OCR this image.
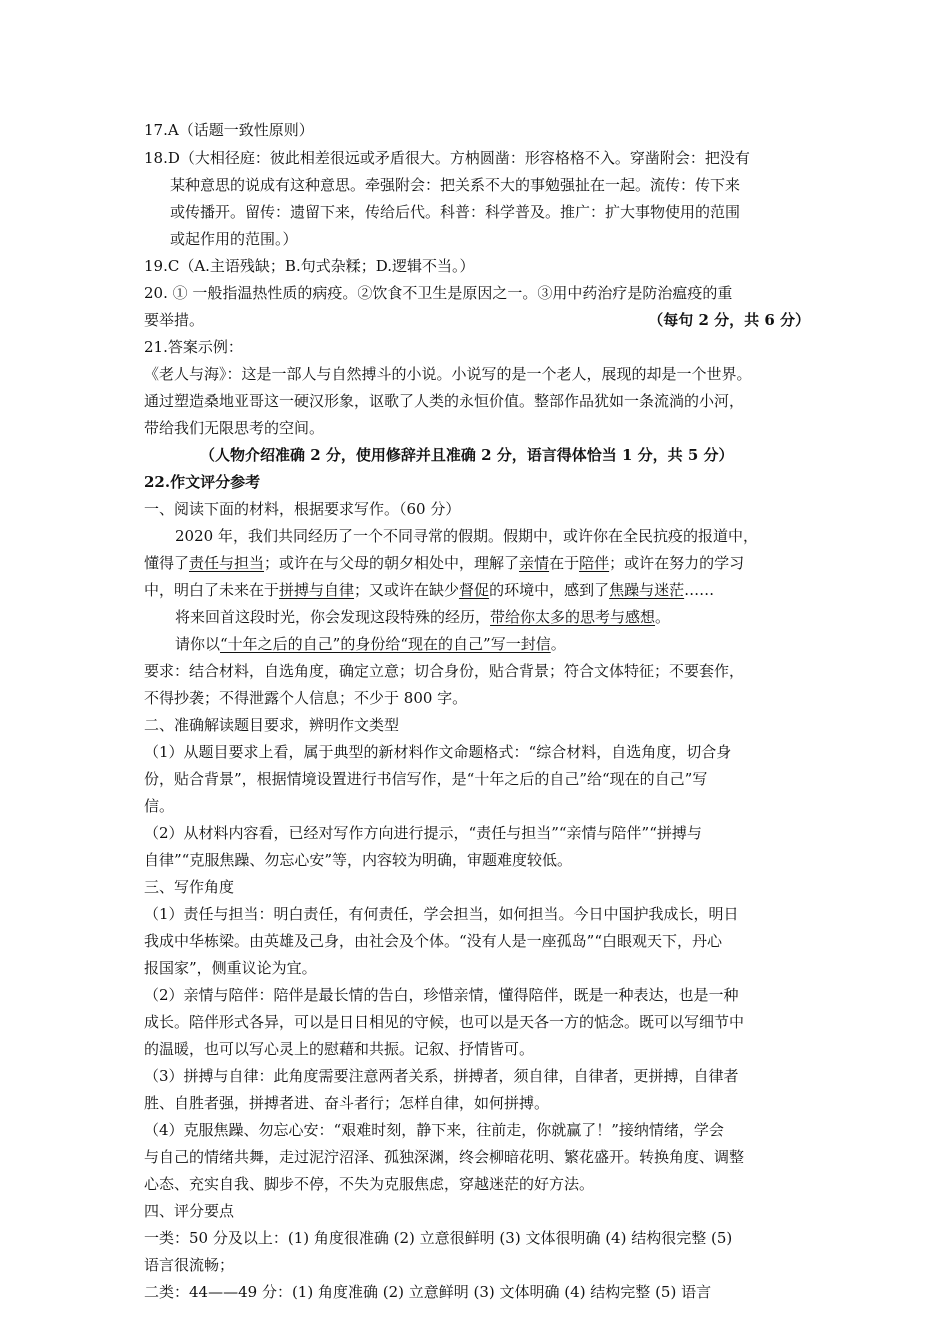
17.A（话题一致性原则）
18.D（大相径庭：彼此相差很远或矛盾很大。方枘圆凿：形容格格不入。穿凿附会：把没有
某种意思的说成有这种意思。牵强附会：把关系不大的事勉强扯在一起。流传：传下来
或传播开。留传：遗留下来，传给后代。科普：科学普及。推广：扩大事物使用的范围
或起作用的范围。）
19.C（A.主语残缺；B.句式杂糅；D.逻辑不当。）
20. ① 一般指温热性质的病疫。②饮食不卫生是原因之一。③用中药治疗是防治瘟疫的重
要举措。	（每句 2 分，共 6 分）
21.答案示例：
《老人与海》：这是一部人与自然搏斗的小说。小说写的是一个老人，展现的却是一个世界。
通过塑造桑地亚哥这一硬汉形象，讴歌了人类的永恒价值。整部作品犹如一条流淌的小河，
带给我们无限思考的空间。
（人物介绍准确 2 分，使用修辞并且准确 2 分，语言得体恰当 1 分，共 5 分）
22.作文评分参考
一、阅读下面的材料，根据要求写作。（60 分）
2020 年，我们共同经历了一个不同寻常的假期。假期中，或许你在全民抗疫的报道中，
懂得了责任与担当；或许在与父母的朝夕相处中，理解了亲情在于陪伴；或许在努力的学习
中，明白了未来在于拼搏与自律；又或许在缺少督促的环境中，感到了焦躁与迷茫……
将来回首这段时光，你会发现这段特殊的经历，带给你太多的思考与感想。
请你以“十年之后的自己”的身份给“现在的自己”写一封信。
要求：结合材料，自选角度，确定立意；切合身份，贴合背景；符合文体特征；不要套作，
不得抄袭；不得泄露个人信息；不少于 800 字。
二、准确解读题目要求，辨明作文类型
（1）从题目要求上看，属于典型的新材料作文命题格式：“综合材料，自选角度，切合身
份，贴合背景”，根据情境设置进行书信写作，是“十年之后的自己”给“现在的自己”写
信。
（2）从材料内容看，已经对写作方向进行提示，“责任与担当”“亲情与陪伴”“拼搏与
自律”“克服焦躁、勿忘心安”等，内容较为明确，审题难度较低。
三、写作角度
（1）责任与担当：明白责任，有何责任，学会担当，如何担当。今日中国护我成长，明日
我成中华栋梁。由英雄及己身，由社会及个体。“没有人是一座孤岛”“白眼观天下，丹心
报国家”，侧重议论为宜。
（2）亲情与陪伴：陪伴是最长情的告白，珍惜亲情，懂得陪伴，既是一种表达，也是一种
成长。陪伴形式各异，可以是日日相见的守候，也可以是天各一方的惦念。既可以写细节中
的温暖，也可以写心灵上的慰藉和共振。记叙、抒情皆可。
（3）拼搏与自律：此角度需要注意两者关系，拼搏者，须自律，自律者，更拼搏，自律者
胜、自胜者强，拼搏者进、奋斗者行；怎样自律，如何拼搏。
（4）克服焦躁、勿忘心安：“艰难时刻，静下来，往前走，你就赢了！”接纳情绪，学会
与自己的情绪共舞，走过泥泞沼泽、孤独深渊，终会柳暗花明、繁花盛开。转换角度、调整
心态、充实自我、脚步不停，不失为克服焦虑，穿越迷茫的好方法。
四、评分要点
一类：50 分及以上：(1) 角度很准确 (2) 立意很鲜明 (3) 文体很明确 (4) 结构很完整 (5)
语言很流畅；
二类：44——49 分：(1) 角度准确 (2) 立意鲜明 (3) 文体明确 (4) 结构完整 (5) 语言
